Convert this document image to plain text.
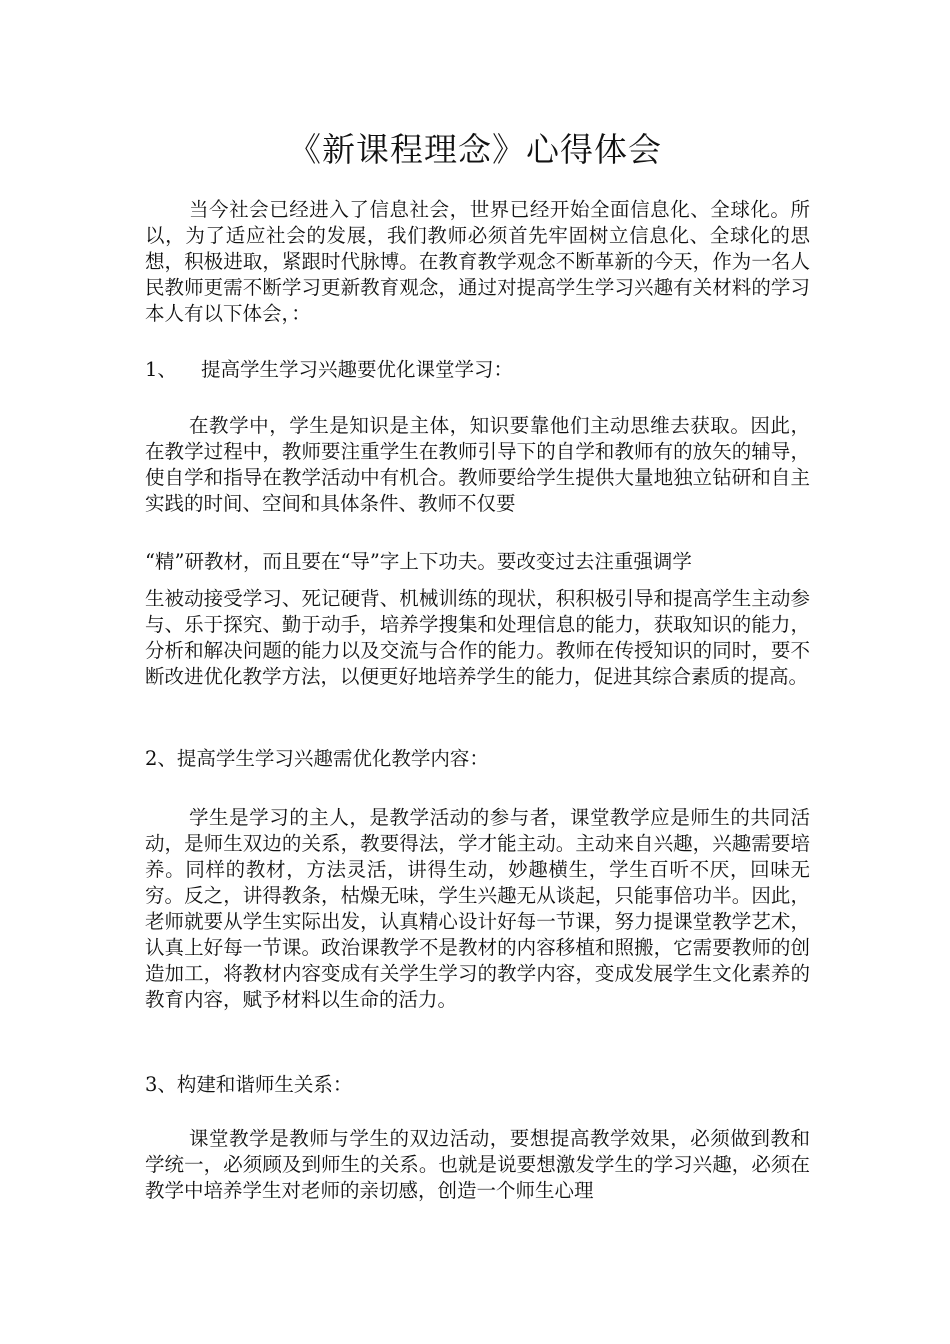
《新课程理念》心得体会

当今社会已经进入了信息社会，世界已经开始全面信息化、全球化。所以，为了适应社会的发展，我们教师必须首先牢固树立信息化、全球化的思想，积极进取，紧跟时代脉博。在教育教学观念不断革新的今天，作为一名人民教师更需不断学习更新教育观念，通过对提高学生学习兴趣有关材料的学习本人有以下体会，：

1、 提高学生学习兴趣要优化课堂学习：

在教学中，学生是知识是主体，知识要靠他们主动思维去获取。因此，在教学过程中，教师要注重学生在教师引导下的自学和教师有的放矢的辅导，使自学和指导在教学活动中有机合。教师要给学生提供大量地独立钻研和自主实践的时间、空间和具体条件、教师不仅要

“精”研教材，而且要在“导”字上下功夫。要改变过去注重强调学

生被动接受学习、死记硬背、机械训练的现状，积积极引导和提高学生主动参与、乐于探究、勤于动手，培养学搜集和处理信息的能力，获取知识的能力，分析和解决问题的能力以及交流与合作的能力。教师在传授知识的同时，要不断改进优化教学方法，以便更好地培养学生的能力，促进其综合素质的提高。

2、提高学生学习兴趣需优化教学内容：

学生是学习的主人，是教学活动的参与者，课堂教学应是师生的共同活动，是师生双边的关系，教要得法，学才能主动。主动来自兴趣，兴趣需要培养。同样的教材，方法灵活，讲得生动，妙趣横生，学生百听不厌，回味无穷。反之，讲得教条，枯燥无味，学生兴趣无从谈起，只能事倍功半。因此，老师就要从学生实际出发，认真精心设计好每一节课，努力提课堂教学艺术，认真上好每一节课。政治课教学不是教材的内容移植和照搬，它需要教师的创造加工，将教材内容变成有关学生学习的教学内容，变成发展学生文化素养的教育内容，赋予材料以生命的活力。

3、构建和谐师生关系：

课堂教学是教师与学生的双边活动，要想提高教学效果，必须做到教和学统一，必须顾及到师生的关系。也就是说要想激发学生的学习兴趣，必须在教学中培养学生对老师的亲切感，创造一个师生心理
